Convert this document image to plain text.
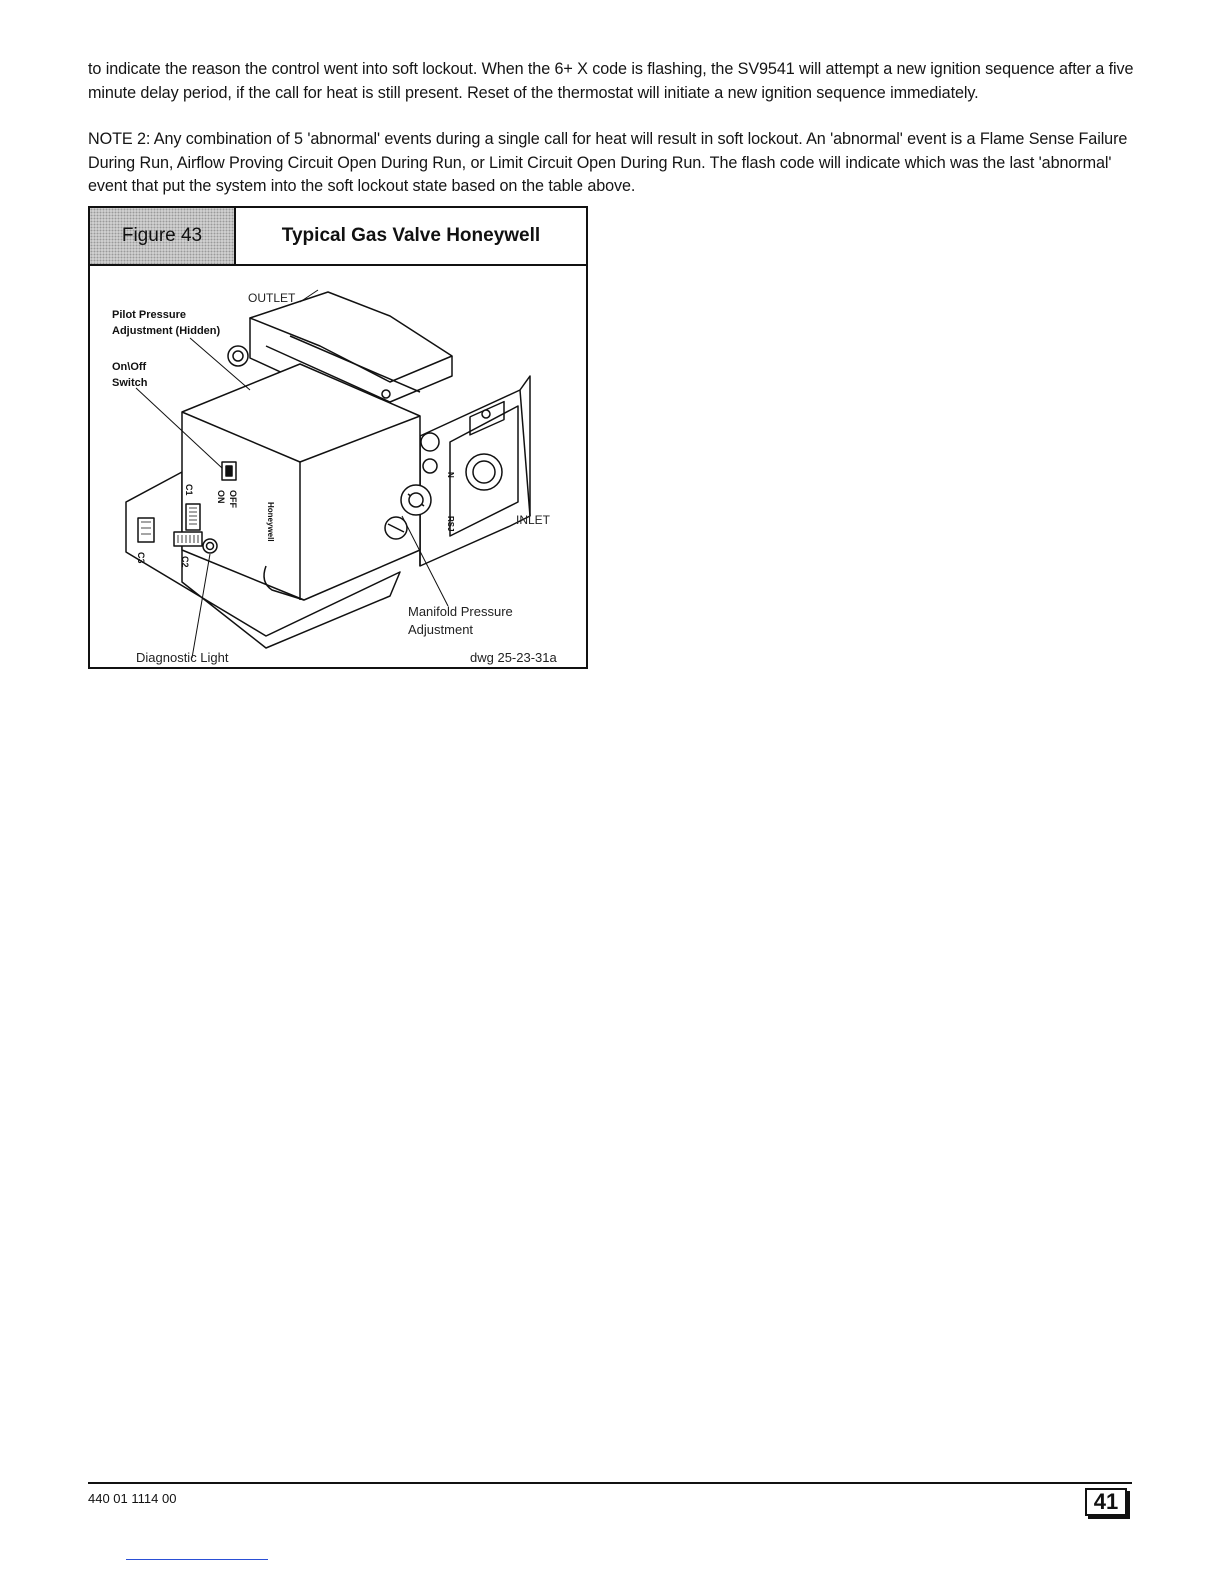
to indicate the reason the control went into soft lockout. When the 6+ X code is flashing, the SV9541 will attempt a new ignition sequence after a five minute delay period, if the call for heat is still present. Reset of the thermostat will initiate a new ignition sequence immediately.

NOTE 2: Any combination of 5 'abnormal' events during a single call for heat will result in soft lockout. An 'abnormal' event is a Flame Sense Failure During Run, Airflow Proving Circuit Open During Run, or Limit Circuit Open During Run. The flash code will indicate which was the last 'abnormal' event that put the system into the soft lockout state based on the table above.

Figure 43	Typical Gas Valve Honeywell
OFF
ON
C1
C2
C3
Honeywell
N
RSJ
OUTLET
Pilot Pressure
Adjustment (Hidden)
On\Off
Switch
INLET
Manifold Pressure
Adjustment
Diagnostic Light	dwg 25-23-31a
440 01 1114 00	41
